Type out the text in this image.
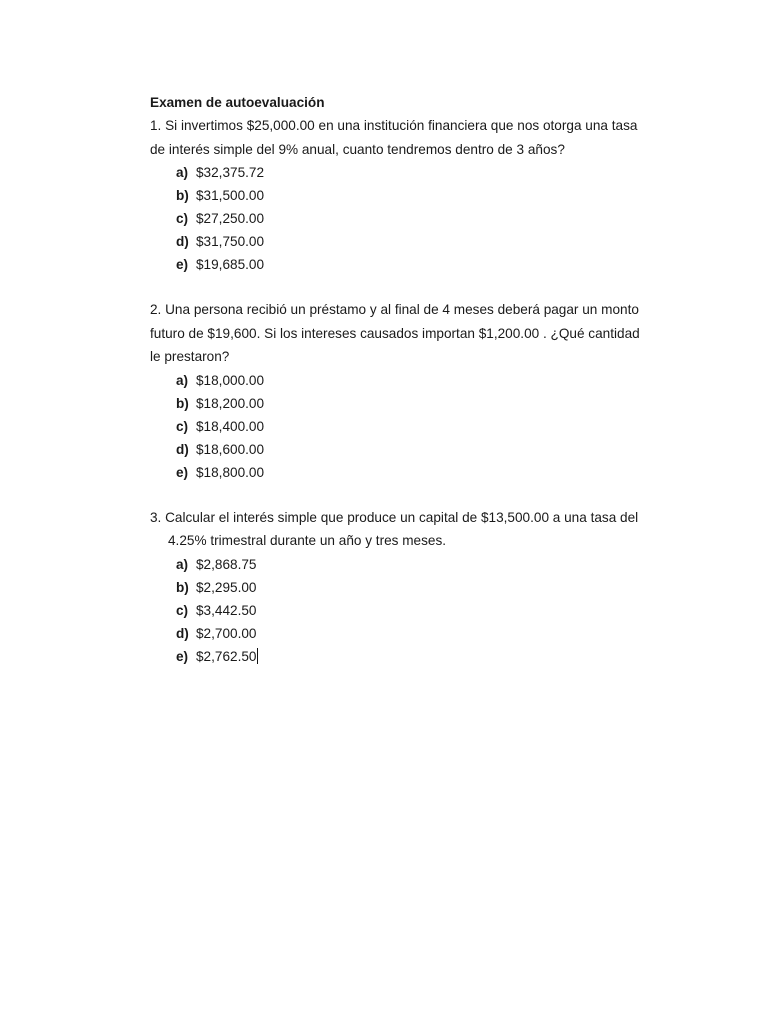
Examen de autoevaluación

1. Si invertimos $25,000.00 en una institución financiera que nos otorga una tasa de interés simple del 9% anual, cuanto tendremos dentro de 3 años?

a) $32,375.72
b) $31,500.00
c) $27,250.00
d) $31,750.00
e) $19,685.00

2. Una persona recibió un préstamo y al final de 4 meses deberá pagar un monto futuro de $19,600. Si los intereses causados importan $1,200.00 . ¿Qué cantidad le prestaron?

a) $18,000.00
b) $18,200.00
c) $18,400.00
d) $18,600.00
e) $18,800.00

3. Calcular el interés simple que produce un capital de $13,500.00 a una tasa del 4.25% trimestral durante un año y tres meses.

a) $2,868.75
b) $2,295.00
c) $3,442.50
d) $2,700.00
e) $2,762.50
